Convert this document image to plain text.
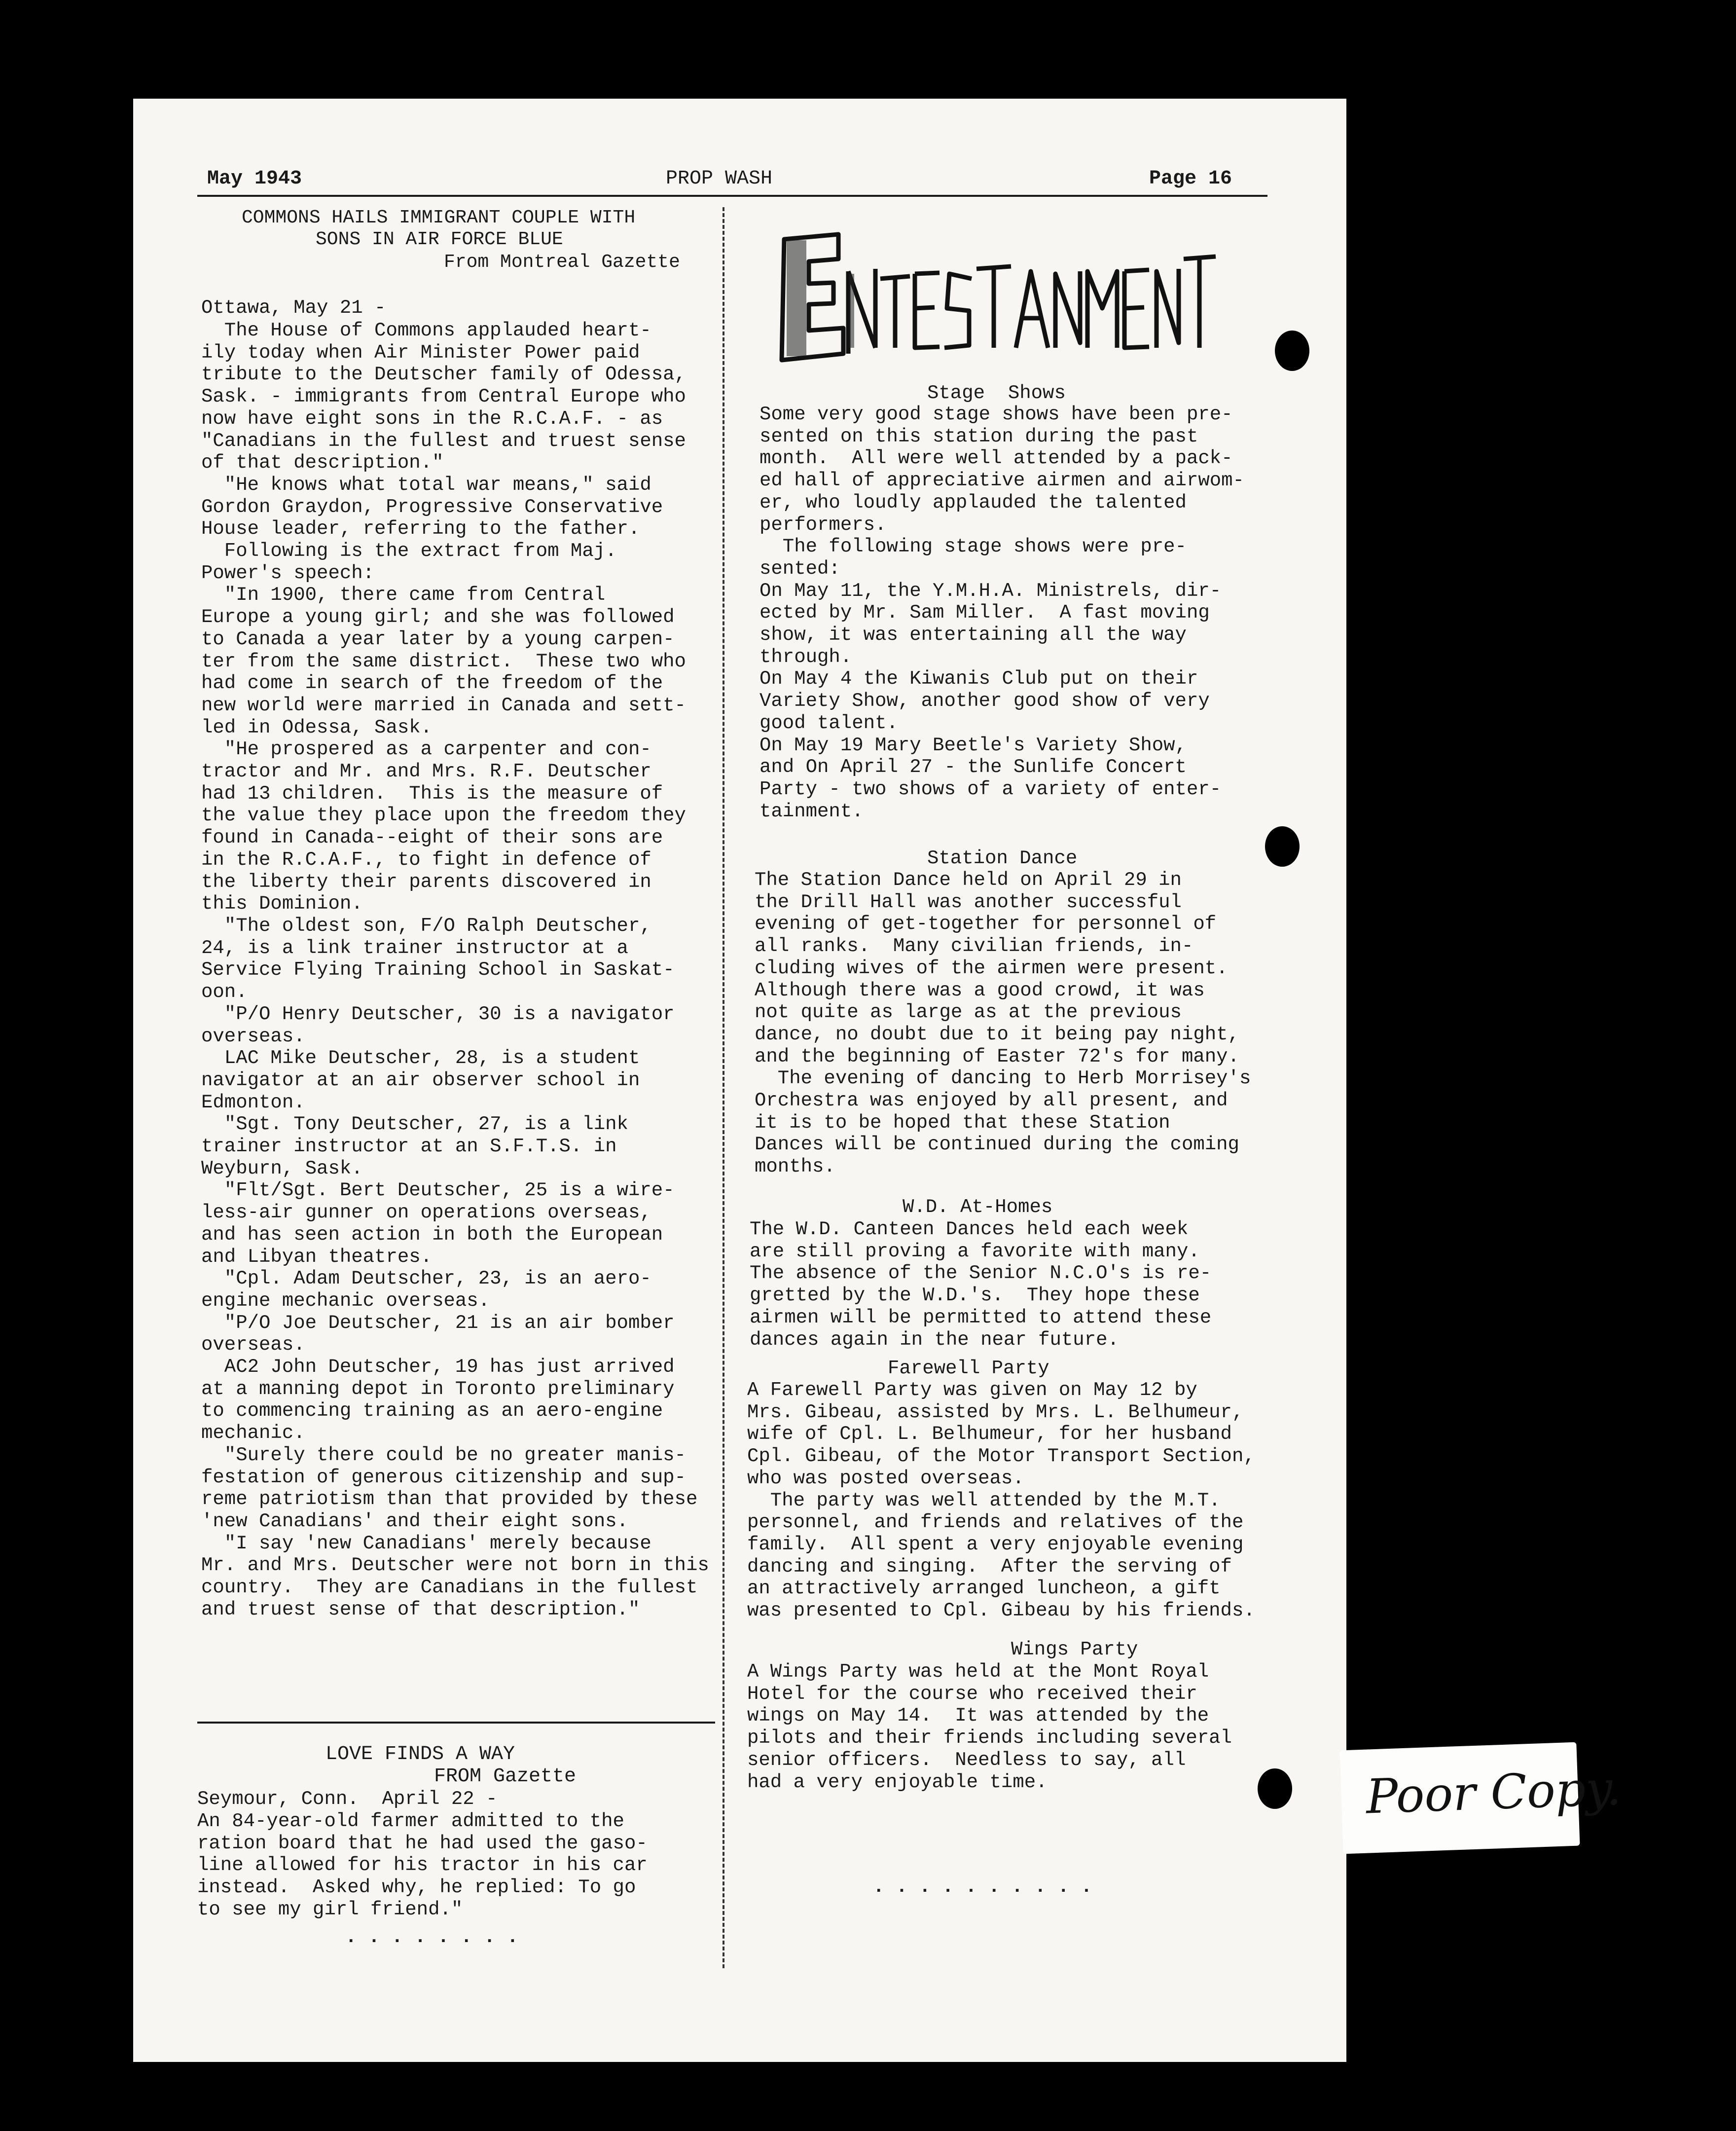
May 1943	PROP WASH	Page 16
COMMONS HAILS IMMIGRANT COUPLE WITH
SONS IN AIR FORCE BLUE
From Montreal Gazette
Ottawa, May 21 -
The House of Commons applauded heart-
ily today when Air Minister Power paid
tribute to the Deutscher family of Odessa,
Sask. - immigrants from Central Europe who
now have eight sons in the R.C.A.F. - as
"Canadians in the fullest and truest sense
of that description."
"He knows what total war means," said
Gordon Graydon, Progressive Conservative
House leader, referring to the father.
Following is the extract from Maj.
Power's speech:
"In 1900, there came from Central
Europe a young girl; and she was followed
to Canada a year later by a young carpen-
ter from the same district.  These two who
had come in search of the freedom of the
new world were married in Canada and sett-
led in Odessa, Sask.
"He prospered as a carpenter and con-
tractor and Mr. and Mrs. R.F. Deutscher
had 13 children.  This is the measure of
the value they place upon the freedom they
found in Canada--eight of their sons are
in the R.C.A.F., to fight in defence of
the liberty their parents discovered in
this Dominion.
"The oldest son, F/O Ralph Deutscher,
24, is a link trainer instructor at a
Service Flying Training School in Saskat-
oon.
"P/O Henry Deutscher, 30 is a navigator
overseas.
LAC Mike Deutscher, 28, is a student
navigator at an air observer school in
Edmonton.
"Sgt. Tony Deutscher, 27, is a link
trainer instructor at an S.F.T.S. in
Weyburn, Sask.
"Flt/Sgt. Bert Deutscher, 25 is a wire-
less-air gunner on operations overseas,
and has seen action in both the European
and Libyan theatres.
"Cpl. Adam Deutscher, 23, is an aero-
engine mechanic overseas.
"P/O Joe Deutscher, 21 is an air bomber
overseas.
AC2 John Deutscher, 19 has just arrived
at a manning depot in Toronto preliminary
to commencing training as an aero-engine
mechanic.
"Surely there could be no greater manis-
festation of generous citizenship and sup-
reme patriotism than that provided by these
'new Canadians' and their eight sons.
"I say 'new Canadians' merely because
Mr. and Mrs. Deutscher were not born in this
country.  They are Canadians in the fullest
and truest sense of that description."
LOVE FINDS A WAY
FROM Gazette
Seymour, Conn.  April 22 -
An 84-year-old farmer admitted to the
ration board that he had used the gaso-
line allowed for his tractor in his car
instead.  Asked why, he replied: To go
to see my girl friend."
. . . . . . . .
ENTERTAINMENT
Stage  Shows
Some very good stage shows have been pre-
sented on this station during the past
month.  All were well attended by a pack-
ed hall of appreciative airmen and airwom-
er, who loudly applauded the talented
performers.
The following stage shows were pre-
sented:
On May 11, the Y.M.H.A. Ministrels, dir-
ected by Mr. Sam Miller.  A fast moving
show, it was entertaining all the way
through.
On May 4 the Kiwanis Club put on their
Variety Show, another good show of very
good talent.
On May 19 Mary Beetle's Variety Show,
and On April 27 - the Sunlife Concert
Party - two shows of a variety of enter-
tainment.
Station Dance
The Station Dance held on April 29 in
the Drill Hall was another successful
evening of get-together for personnel of
all ranks.  Many civilian friends, in-
cluding wives of the airmen were present.
Although there was a good crowd, it was
not quite as large as at the previous
dance, no doubt due to it being pay night,
and the beginning of Easter 72's for many.
The evening of dancing to Herb Morrisey's
Orchestra was enjoyed by all present, and
it is to be hoped that these Station
Dances will be continued during the coming
months.
W.D. At-Homes
The W.D. Canteen Dances held each week
are still proving a favorite with many.
The absence of the Senior N.C.O's is re-
gretted by the W.D.'s.  They hope these
airmen will be permitted to attend these
dances again in the near future.
Farewell Party
A Farewell Party was given on May 12 by
Mrs. Gibeau, assisted by Mrs. L. Belhumeur,
wife of Cpl. L. Belhumeur, for her husband
Cpl. Gibeau, of the Motor Transport Section,
who was posted overseas.
The party was well attended by the M.T.
personnel, and friends and relatives of the
family.  All spent a very enjoyable evening
dancing and singing.  After the serving of
an attractively arranged luncheon, a gift
was presented to Cpl. Gibeau by his friends.
Wings Party
A Wings Party was held at the Mont Royal
Hotel for the course who received their
wings on May 14.  It was attended by the
pilots and their friends including several
senior officers.  Needless to say, all
had a very enjoyable time.
. . . . . . . . . .
Poor Copy.
